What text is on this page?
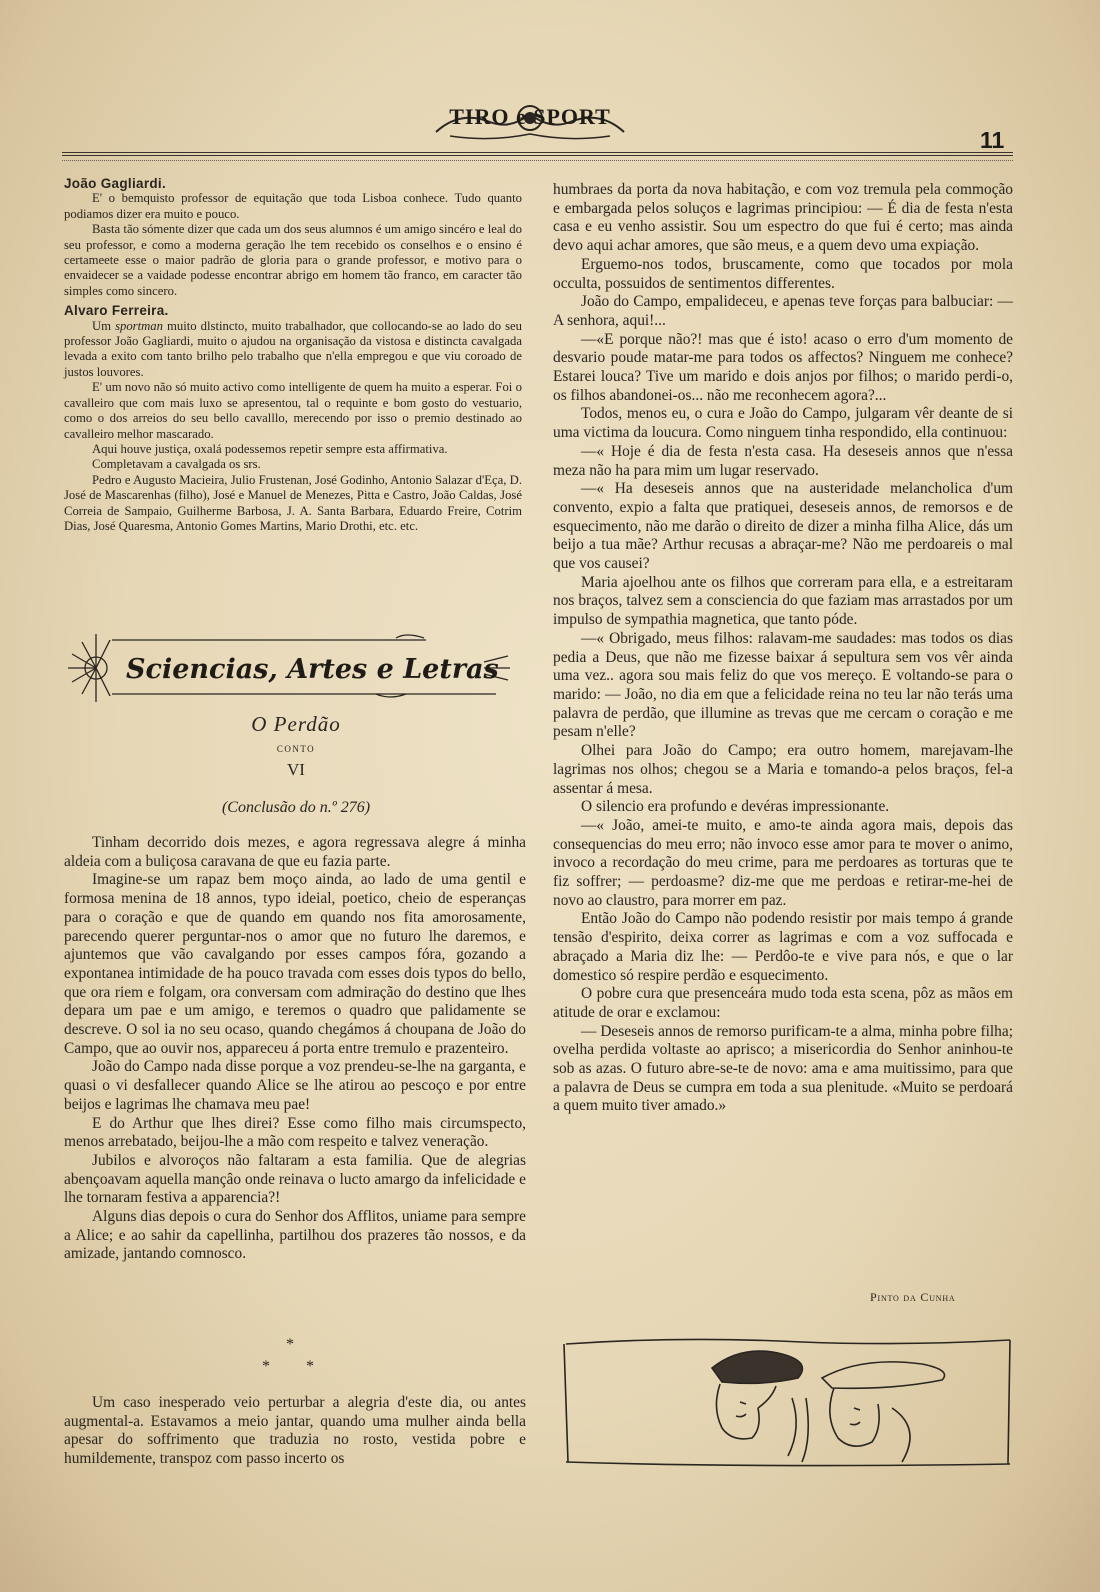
TIRO e SPORT
11

João Gagliardi.

E' o bemquisto professor de equitação que toda Lisboa conhece. Tudo quanto podiamos dizer era muito e pouco.

Basta tão sómente dizer que cada um dos seus alumnos é um amigo sincéro e leal do seu professor, e como a moderna geração lhe tem recebido os conselhos e o ensino é certameete esse o maior padrão de gloria para o grande professor, e motivo para o envaidecer se a vaidade podesse encontrar abrigo em homem tão franco, em caracter tão simples como sincero.

Alvaro Ferreira.

Um sportman muito dlstincto, muito trabalhador, que collocando-se ao lado do seu professor João Gagliardi, muito o ajudou na organisação da vistosa e distincta cavalgada levada a exito com tanto brilho pelo trabalho que n'ella empregou e que viu coroado de justos louvores.

E' um novo não só muito activo como intelligente de quem ha muito a esperar. Foi o cavalleiro que com mais luxo se apresentou, tal o requinte e bom gosto do vestuario, como o dos arreios do seu bello cavalllo, merecendo por isso o premio destinado ao cavalleiro melhor mascarado.

Aqui houve justiça, oxalá podessemos repetir sempre esta affirmativa.

Completavam a cavalgada os srs.

Pedro e Augusto Macieira, Julio Frustenan, José Godinho, Antonio Salazar d'Eça, D. José de Mascarenhas (filho), José e Manuel de Menezes, Pitta e Castro, João Caldas, José Correia de Sampaio, Guilherme Barbosa, J. A. Santa Barbara, Eduardo Freire, Cotrim Dias, José Quaresma, Antonio Gomes Martins, Mario Drothi, etc. etc.

Sciencias, Artes e Letras
O Perdão
CONTO
VI
(Conclusão do n.º 276)

Tinham decorrido dois mezes, e agora regressava alegre á minha aldeia com a buliçosa caravana de que eu fazia parte.

Imagine-se um rapaz bem moço ainda, ao lado de uma gentil e formosa menina de 18 annos, typo ideial, poetico, cheio de esperanças para o coração e que de quando em quando nos fita amorosamente, parecendo querer perguntar-nos o amor que no futuro lhe daremos, e ajuntemos que vão cavalgando por esses campos fóra, gozando a expontanea intimidade de ha pouco travada com esses dois typos do bello, que ora riem e folgam, ora conversam com admiração do destino que lhes depara um pae e um amigo, e teremos o quadro que palidamente se descreve. O sol ia no seu ocaso, quando chegámos á choupana de João do Campo, que ao ouvir nos, appareceu á porta entre tremulo e prazenteiro.

João do Campo nada disse porque a voz prendeu-se-lhe na garganta, e quasi o vi desfallecer quando Alice se lhe atirou ao pescoço e por entre beijos e lagrimas lhe chamava meu pae!

E do Arthur que lhes direi? Esse como filho mais circumspecto, menos arrebatado, beijou-lhe a mão com respeito e talvez veneração.

Jubilos e alvoroços não faltaram a esta familia. Que de alegrias abençoavam aquella mançâo onde reinava o lucto amargo da infelicidade e lhe tornaram festiva a apparencia?!

Alguns dias depois o cura do Senhor dos Afflitos, uniame para sempre a Alice; e ao sahir da capellinha, partilhou dos prazeres tão nossos, e da amizade, jantando comnosco.

*
* *

Um caso inesperado veio perturbar a alegria d'este dia, ou antes augmental-a. Estavamos a meio jantar, quando uma mulher ainda bella apesar do soffrimento que traduzia no rosto, vestida pobre e humildemente, transpoz com passo incerto os

humbraes da porta da nova habitação, e com voz tremula pela commoção e embargada pelos soluços e lagrimas principiou: — É dia de festa n'esta casa e eu venho assistir. Sou um espectro do que fui é certo; mas ainda devo aqui achar amores, que são meus, e a quem devo uma expiação.

Erguemo-nos todos, bruscamente, como que tocados por mola occulta, possuidos de sentimentos differentes.

João do Campo, empalideceu, e apenas teve forças para balbuciar: — A senhora, aqui!...

—«E porque não?! mas que é isto! acaso o erro d'um momento de desvario poude matar-me para todos os affectos? Ninguem me conhece? Estarei louca? Tive um marido e dois anjos por filhos; o marido perdi-o, os filhos abandonei-os... não me reconhecem agora?...

Todos, menos eu, o cura e João do Campo, julgaram vêr deante de si uma victima da loucura. Como ninguem tinha respondido, ella continuou:

—« Hoje é dia de festa n'esta casa. Ha deseseis annos que n'essa meza não ha para mim um lugar reservado.

—« Ha deseseis annos que na austeridade melancholica d'um convento, expio a falta que pratiquei, deseseis annos, de remorsos e de esquecimento, não me darão o direito de dizer a minha filha Alice, dás um beijo a tua mãe? Arthur recusas a abraçar-me? Não me perdoareis o mal que vos causei?

Maria ajoelhou ante os filhos que correram para ella, e a estreitaram nos braços, talvez sem a consciencia do que faziam mas arrastados por um impulso de sympathia magnetica, que tanto póde.

—« Obrigado, meus filhos: ralavam-me saudades: mas todos os dias pedia a Deus, que não me fizesse baixar á sepultura sem vos vêr ainda uma vez.. agora sou mais feliz do que vos mereço. E voltando-se para o marido: — João, no dia em que a felicidade reina no teu lar não terás uma palavra de perdão, que illumine as trevas que me cercam o coração e me pesam n'elle?

Olhei para João do Campo; era outro homem, marejavam-lhe lagrimas nos olhos; chegou se a Maria e tomando-a pelos braços, fel-a assentar á mesa.

O silencio era profundo e devéras impressionante.

—« João, amei-te muito, e amo-te ainda agora mais, depois das consequencias do meu erro; não invoco esse amor para te mover o animo, invoco a recordação do meu crime, para me perdoares as torturas que te fiz soffrer; — perdoasme? diz-me que me perdoas e retirar-me-hei de novo ao claustro, para morrer em paz.

Então João do Campo não podendo resistir por mais tempo á grande tensão d'espirito, deixa correr as lagrimas e com a voz suffocada e abraçado a Maria diz lhe: — Perdôo-te e vive para nós, e que o lar domestico só respire perdão e esquecimento.

O pobre cura que presenceára mudo toda esta scena, pôz as mãos em atitude de orar e exclamou:

— Deseseis annos de remorso purificam-te a alma, minha pobre filha; ovelha perdida voltaste ao aprisco; a misericordia do Senhor aninhou-te sob as azas. O futuro abre-se-te de novo: ama e ama muitissimo, para que a palavra de Deus se cumpra em toda a sua plenitude. «Muito se perdoará a quem muito tiver amado.»

Pinto da Cunha
